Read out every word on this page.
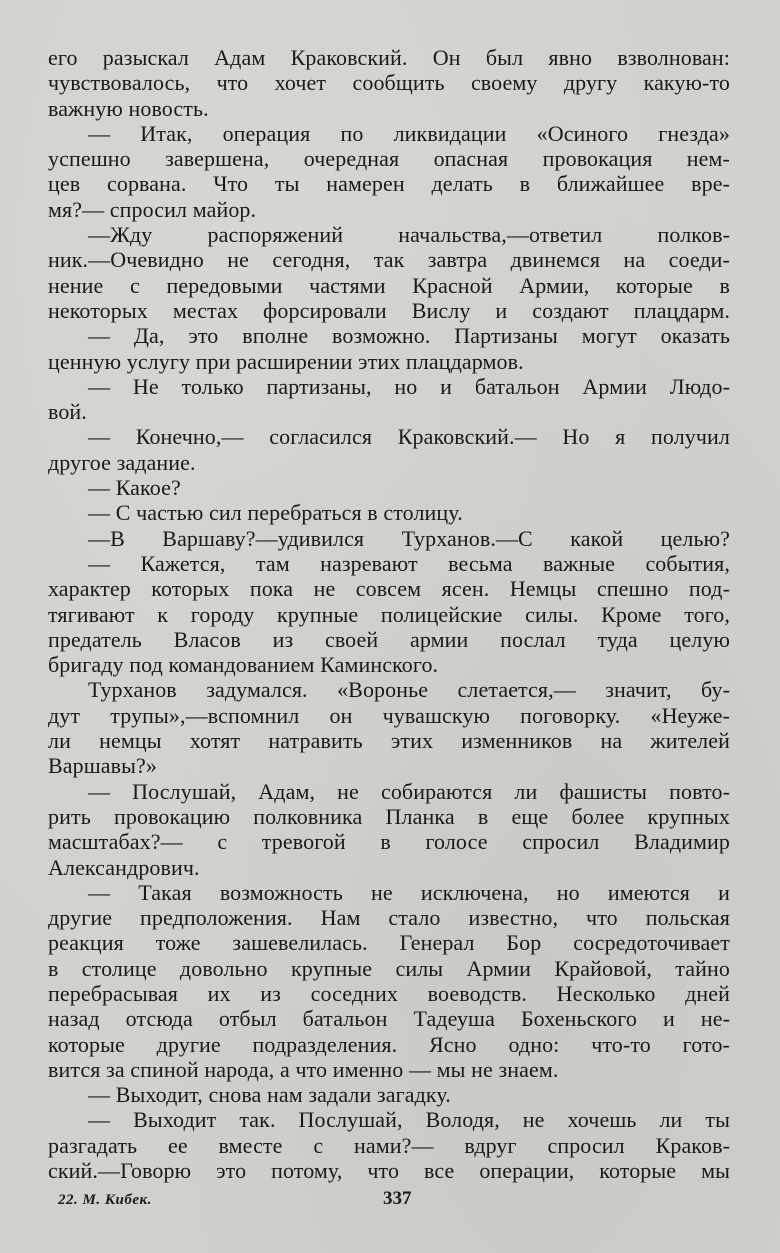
его разыскал Адам Краковский. Он был явно взволнован:
чувствовалось, что хочет сообщить своему другу какую-то
важную новость.
— Итак, операция по ликвидации «Осиного гнезда»
успешно завершена, очередная опасная провокация нем-
цев сорвана. Что ты намерен делать в ближайшее вре-
мя?— спросил майор.
—Жду распоряжений начальства,—ответил полков-
ник.—Очевидно не сегодня, так завтра двинемся на соеди-
нение с передовыми частями Красной Армии, которые в
некоторых местах форсировали Вислу и создают плацдарм.
— Да, это вполне возможно. Партизаны могут оказать
ценную услугу при расширении этих плацдармов.
— Не только партизаны, но и батальон Армии Людо-
вой.
— Конечно,— согласился Краковский.— Но я получил
другое задание.
— Какое?
— С частью сил перебраться в столицу.
—В Варшаву?—удивился Турханов.—С какой целью?
— Кажется, там назревают весьма важные события,
характер которых пока не совсем ясен. Немцы спешно под-
тягивают к городу крупные полицейские силы. Кроме того,
предатель Власов из своей армии послал туда целую
бригаду под командованием Каминского.
Турханов задумался. «Воронье слетается,— значит, бу-
дут трупы»,—вспомнил он чувашскую поговорку. «Неуже-
ли немцы хотят натравить этих изменников на жителей
Варшавы?»
— Послушай, Адам, не собираются ли фашисты повто-
рить провокацию полковника Планка в еще более крупных
масштабах?— с тревогой в голосе спросил Владимир
Александрович.
— Такая возможность не исключена, но имеются и
другие предположения. Нам стало известно, что польская
реакция тоже зашевелилась. Генерал Бор сосредоточивает
в столице довольно крупные силы Армии Крайовой, тайно
перебрасывая их из соседних воеводств. Несколько дней
назад отсюда отбыл батальон Тадеуша Бохеньского и не-
которые другие подразделения. Ясно одно: что-то гото-
вится за спиной народа, а что именно — мы не знаем.
— Выходит, снова нам задали загадку.
— Выходит так. Послушай, Володя, не хочешь ли ты
разгадать ее вместе с нами?— вдруг спросил Краков-
ский.—Говорю это потому, что все операции, которые мы
22. М. Кибек.	337
